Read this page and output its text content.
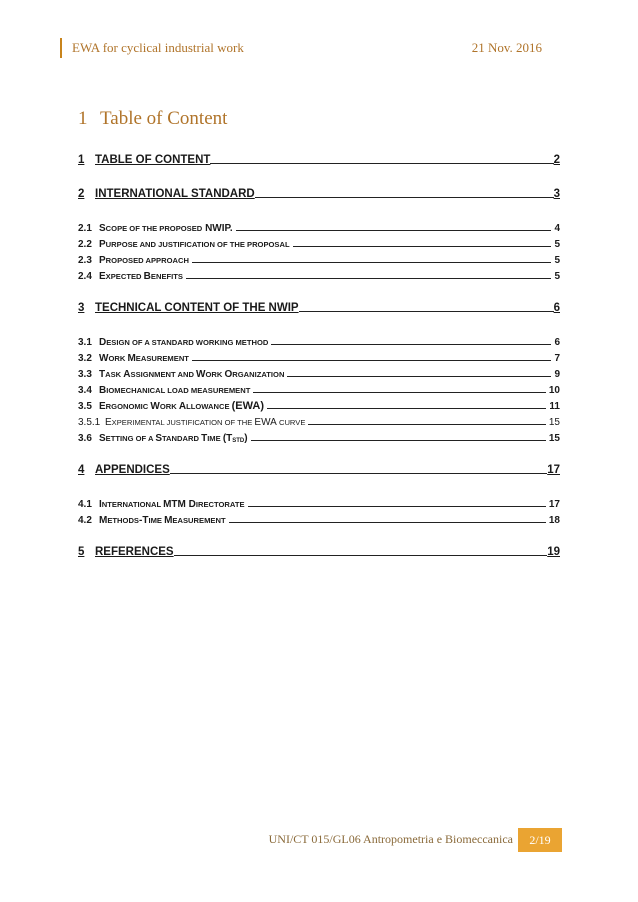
EWA for cyclical industrial work	21 Nov. 2016
1 Table of Content
1 TABLE OF CONTENT	2
2 INTERNATIONAL STANDARD	3
2.1 SCOPE OF THE PROPOSED NWIP.	4
2.2 PURPOSE AND JUSTIFICATION OF THE PROPOSAL	5
2.3 PROPOSED APPROACH	5
2.4 EXPECTED BENEFITS	5
3 TECHNICAL CONTENT OF THE NWIP	6
3.1 DESIGN OF A STANDARD WORKING METHOD	6
3.2 WORK MEASUREMENT	7
3.3 TASK ASSIGNMENT AND WORK ORGANIZATION	9
3.4 BIOMECHANICAL LOAD MEASUREMENT	10
3.5 ERGONOMIC WORK ALLOWANCE (EWA)	11
3.5.1 EXPERIMENTAL JUSTIFICATION OF THE EWA CURVE	15
3.6 SETTING OF A STANDARD TIME (TSTD)	15
4 APPENDICES	17
4.1 INTERNATIONAL MTM DIRECTORATE	17
4.2 METHODS-TIME MEASUREMENT	18
5 REFERENCES	19
UNI/CT 015/GL06 Antropometria e Biomeccanica	2/19
